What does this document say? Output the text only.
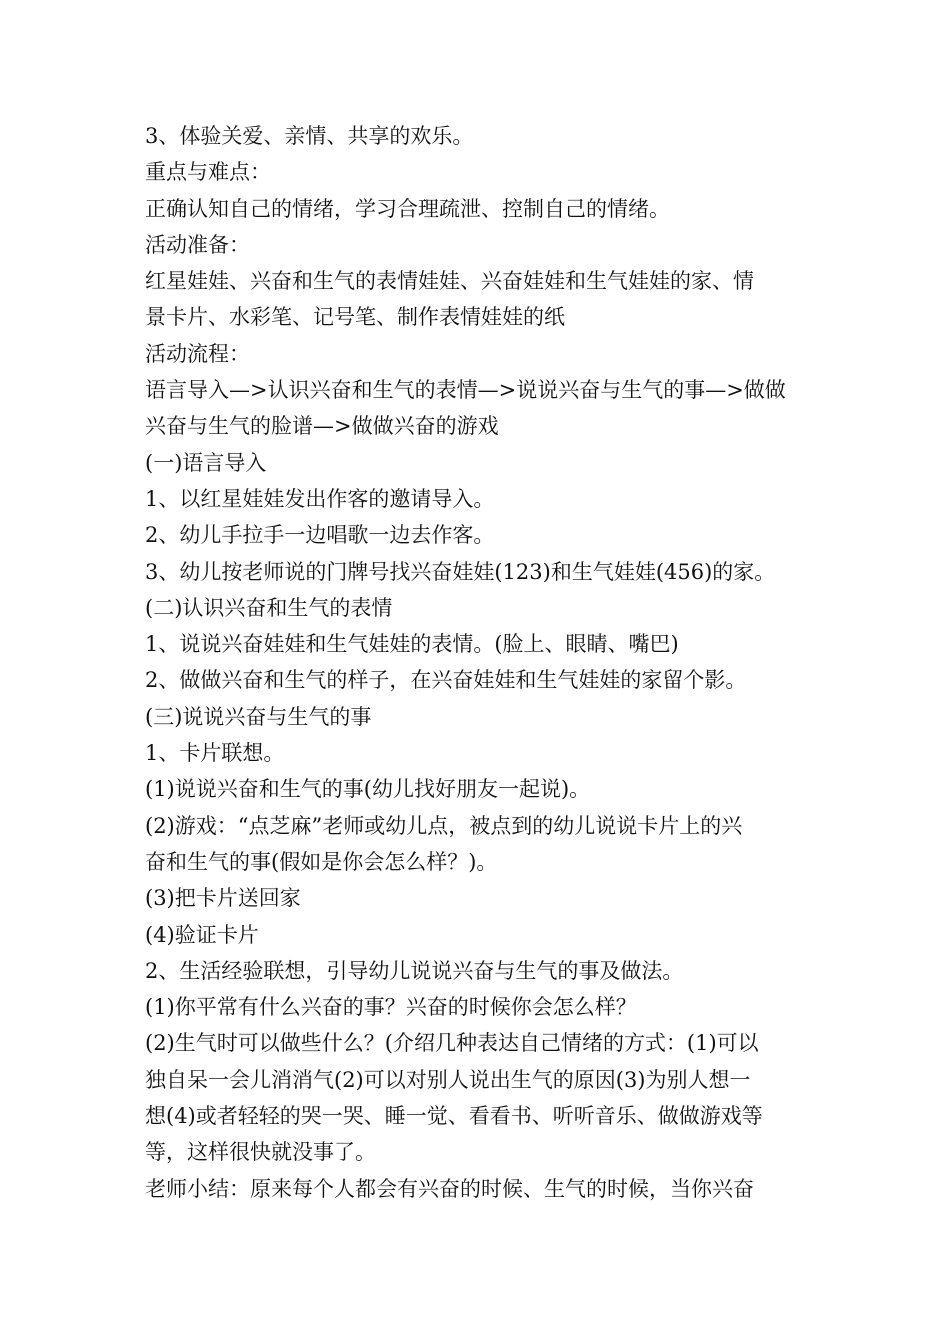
3、体验关爱、亲情、共享的欢乐。
重点与难点：
正确认知自己的情绪，学习合理疏泄、控制自己的情绪。
活动准备：
红星娃娃、兴奋和生气的表情娃娃、兴奋娃娃和生气娃娃的家、情
景卡片、水彩笔、记号笔、制作表情娃娃的纸
活动流程：
语言导入—>认识兴奋和生气的表情—>说说兴奋与生气的事—>做做
兴奋与生气的脸谱—>做做兴奋的游戏
(一)语言导入
1、以红星娃娃发出作客的邀请导入。
2、幼儿手拉手一边唱歌一边去作客。
3、幼儿按老师说的门牌号找兴奋娃娃(123)和生气娃娃(456)的家。
(二)认识兴奋和生气的表情
1、说说兴奋娃娃和生气娃娃的表情。(脸上、眼睛、嘴巴)
2、做做兴奋和生气的样子，在兴奋娃娃和生气娃娃的家留个影。
(三)说说兴奋与生气的事
1、卡片联想。
(1)说说兴奋和生气的事(幼儿找好朋友一起说)。
(2)游戏：“点芝麻”老师或幼儿点，被点到的幼儿说说卡片上的兴
奋和生气的事(假如是你会怎么样？)。
(3)把卡片送回家
(4)验证卡片
2、生活经验联想，引导幼儿说说兴奋与生气的事及做法。
(1)你平常有什么兴奋的事？兴奋的时候你会怎么样？
(2)生气时可以做些什么？(介绍几种表达自己情绪的方式：(1)可以
独自呆一会儿消消气(2)可以对别人说出生气的原因(3)为别人想一
想(4)或者轻轻的哭一哭、睡一觉、看看书、听听音乐、做做游戏等
等，这样很快就没事了。
老师小结：原来每个人都会有兴奋的时候、生气的时候，当你兴奋
